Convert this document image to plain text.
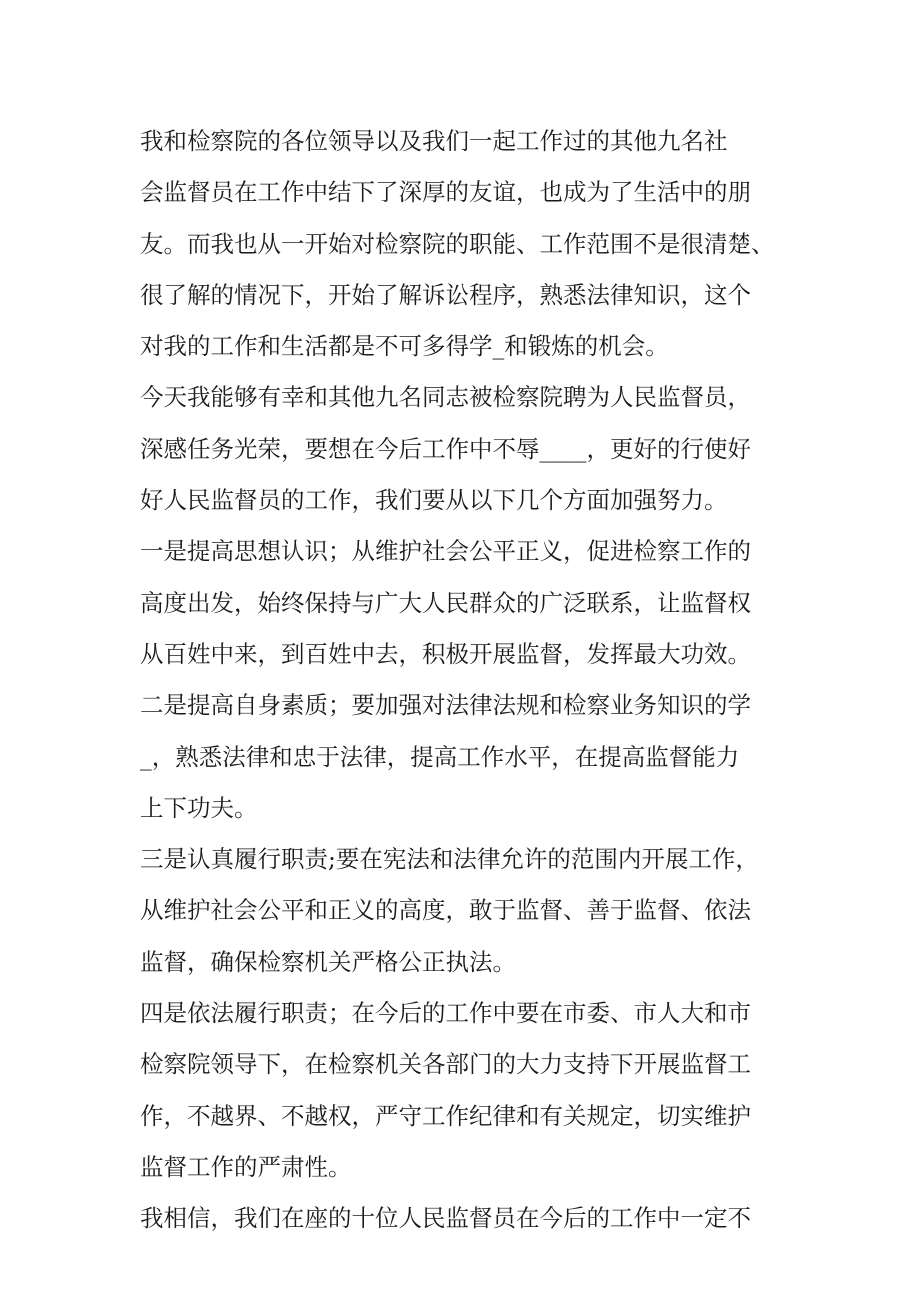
我和检察院的各位领导以及我们一起工作过的其他九名社
会监督员在工作中结下了深厚的友谊，也成为了生活中的朋
友。而我也从一开始对检察院的职能、工作范围不是很清楚、
很了解的情况下，开始了解诉讼程序，熟悉法律知识，这个
对我的工作和生活都是不可多得学_和锻炼的机会。
今天我能够有幸和其他九名同志被检察院聘为人民监督员，
深感任务光荣，要想在今后工作中不辱____，更好的行使好
好人民监督员的工作，我们要从以下几个方面加强努力。
一是提高思想认识；从维护社会公平正义，促进检察工作的
高度出发，始终保持与广大人民群众的广泛联系，让监督权
从百姓中来，到百姓中去，积极开展监督，发挥最大功效。
二是提高自身素质；要加强对法律法规和检察业务知识的学
_，熟悉法律和忠于法律，提高工作水平，在提高监督能力
上下功夫。
三是认真履行职责;要在宪法和法律允许的范围内开展工作，
从维护社会公平和正义的高度，敢于监督、善于监督、依法
监督，确保检察机关严格公正执法。
四是依法履行职责；在今后的工作中要在市委、市人大和市
检察院领导下，在检察机关各部门的大力支持下开展监督工
作，不越界、不越权，严守工作纪律和有关规定，切实维护
监督工作的严肃性。
我相信，我们在座的十位人民监督员在今后的工作中一定不
